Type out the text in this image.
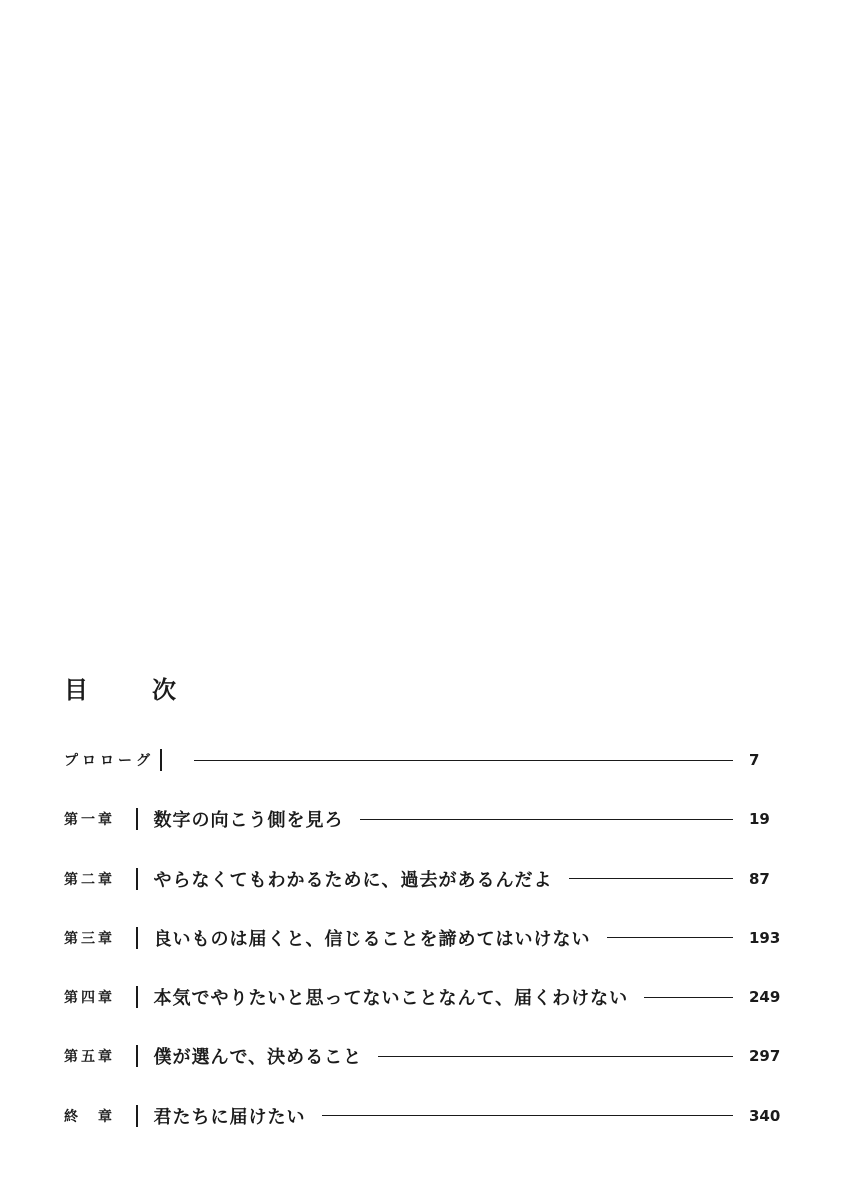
目　次
プロローグ	7
第一章	数字の向こう側を見ろ	19
第二章	やらなくてもわかるために、過去があるんだよ	87
第三章	良いものは届くと、信じることを諦めてはいけない	193
第四章	本気でやりたいと思ってないことなんて、届くわけない	249
第五章	僕が選んで、決めること	297
終　章	君たちに届けたい	340
